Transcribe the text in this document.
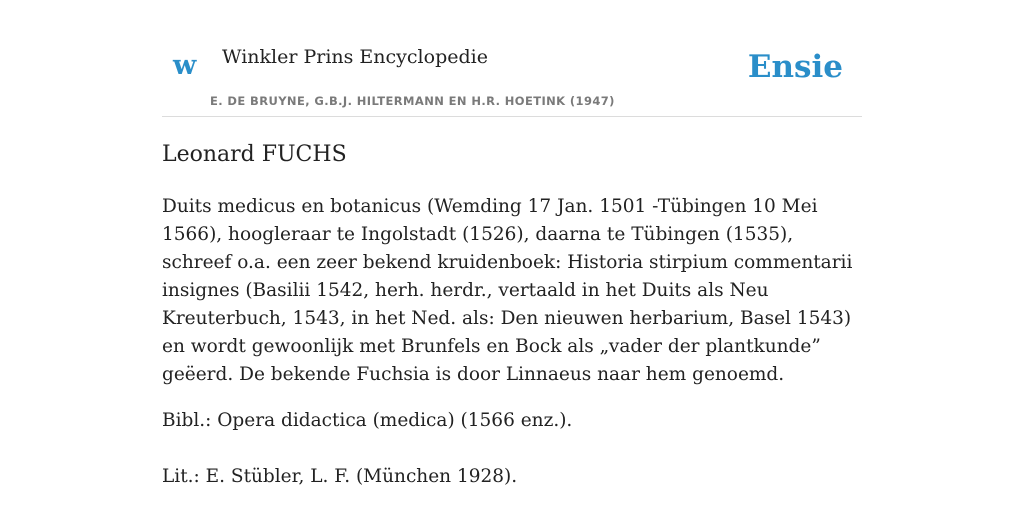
w Winkler Prins Encyclopedie
E. DE BRUYNE, G.B.J. HILTERMANN EN H.R. HOETINK (1947)
Ensie
Leonard FUCHS

Duits medicus en botanicus (Wemding 17 Jan. 1501 -Tübingen 10 Mei 1566), hoogleraar te Ingolstadt (1526), daarna te Tübingen (1535), schreef o.a. een zeer bekend kruidenboek: Historia stirpium commentarii insignes (Basilii 1542, herh. herdr., vertaald in het Duits als Neu Kreuterbuch, 1543, in het Ned. als: Den nieuwen herbarium, Basel 1543) en wordt gewoonlijk met Brunfels en Bock als „vader der plantkunde” geëerd. De bekende Fuchsia is door Linnaeus naar hem genoemd.

Bibl.: Opera didactica (medica) (1566 enz.).

Lit.: E. Stübler, L. F. (München 1928).
